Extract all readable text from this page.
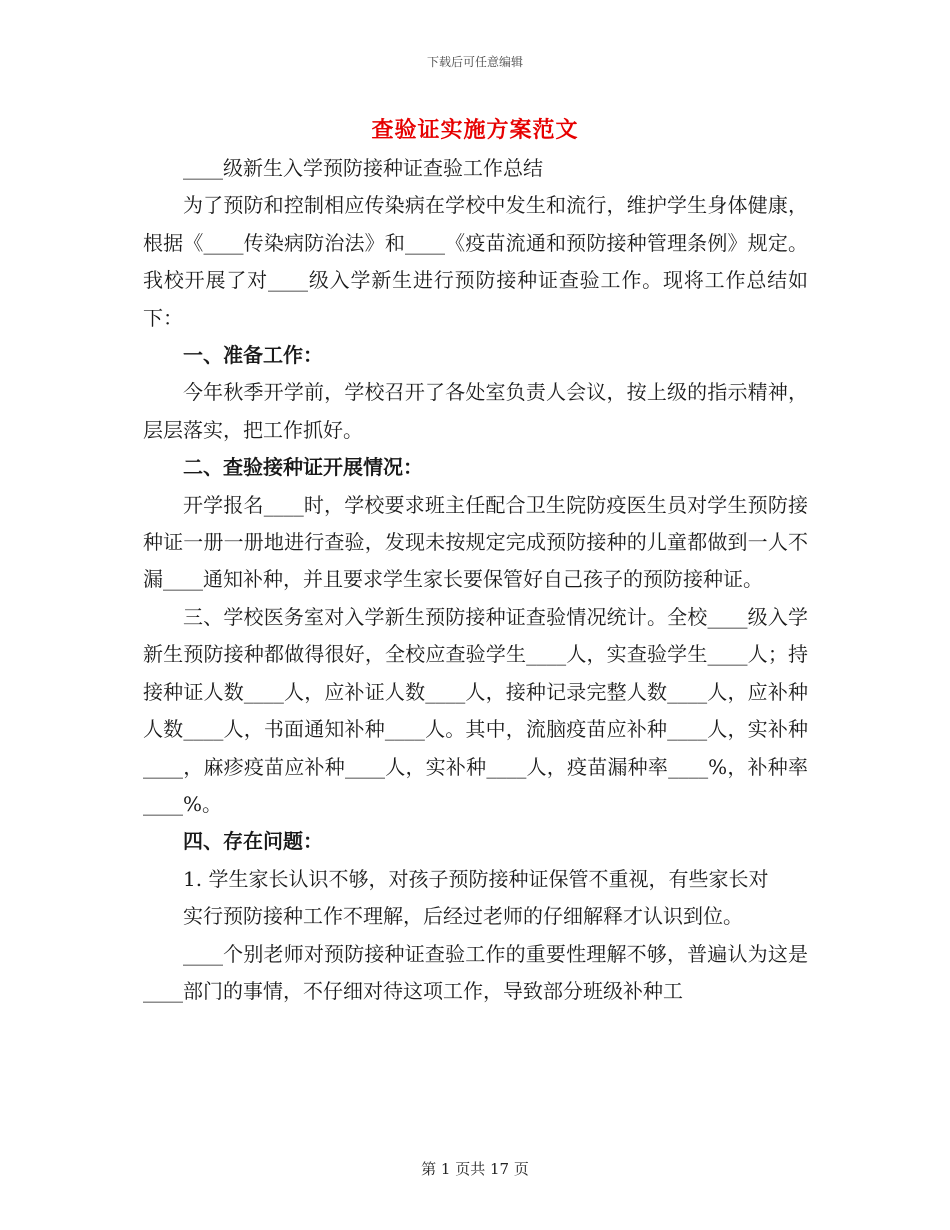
下载后可任意编辑
查验证实施方案范文

____级新生入学预防接种证查验工作总结

为了预防和控制相应传染病在学校中发生和流行，维护学生身体健康，根据《____传染病防治法》和____《疫苗流通和预防接种管理条例》规定。我校开展了对____级入学新生进行预防接种证查验工作。现将工作总结如下：

一、准备工作：

今年秋季开学前，学校召开了各处室负责人会议，按上级的指示精神，层层落实，把工作抓好。

二、查验接种证开展情况：

开学报名____时，学校要求班主任配合卫生院防疫医生员对学生预防接种证一册一册地进行查验，发现未按规定完成预防接种的儿童都做到一人不漏____通知补种，并且要求学生家长要保管好自己孩子的预防接种证。

三、学校医务室对入学新生预防接种证查验情况统计。全校____级入学新生预防接种都做得很好，全校应查验学生____人，实查验学生____人；持接种证人数____人，应补证人数____人，接种记录完整人数____人，应补种人数____人，书面通知补种____人。其中，流脑疫苗应补种____人，实补种____，麻疹疫苗应补种____人，实补种____人，疫苗漏种率____%，补种率____%。

四、存在问题：

1. 学生家长认识不够，对孩子预防接种证保管不重视，有些家长对

实行预防接种工作不理解，后经过老师的仔细解释才认识到位。

____个别老师对预防接种证查验工作的重要性理解不够，普遍认为这是____部门的事情，不仔细对待这项工作，导致部分班级补种工

第 1 页共 17 页
